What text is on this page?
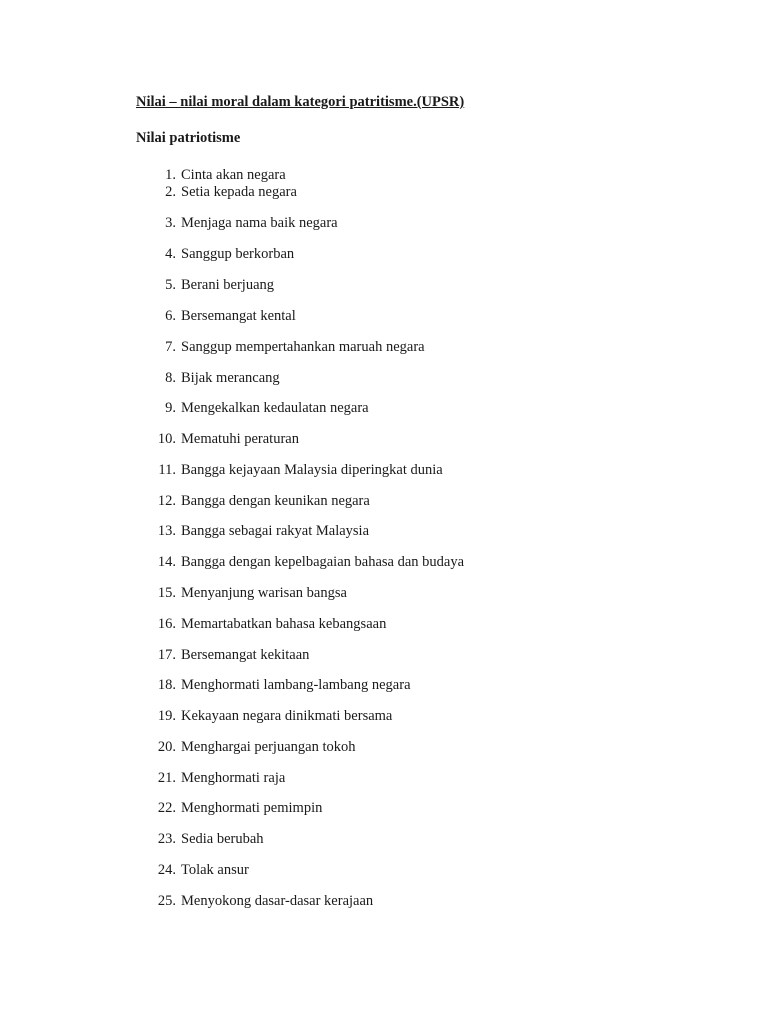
Nilai – nilai moral dalam kategori patritisme.(UPSR)
Nilai patriotisme
1. Cinta akan negara
2. Setia kepada negara
3. Menjaga nama baik negara
4. Sanggup berkorban
5. Berani berjuang
6. Bersemangat kental
7. Sanggup mempertahankan maruah negara
8. Bijak merancang
9. Mengekalkan kedaulatan negara
10. Mematuhi peraturan
11. Bangga kejayaan Malaysia diperingkat dunia
12. Bangga dengan keunikan negara
13. Bangga sebagai rakyat Malaysia
14. Bangga dengan kepelbagaian bahasa dan budaya
15. Menyanjung warisan bangsa
16. Memartabatkan bahasa kebangsaan
17. Bersemangat kekitaan
18. Menghormati lambang-lambang negara
19. Kekayaan negara dinikmati bersama
20. Menghargai perjuangan tokoh
21. Menghormati raja
22. Menghormati pemimpin
23. Sedia berubah
24. Tolak ansur
25. Menyokong dasar-dasar kerajaan
